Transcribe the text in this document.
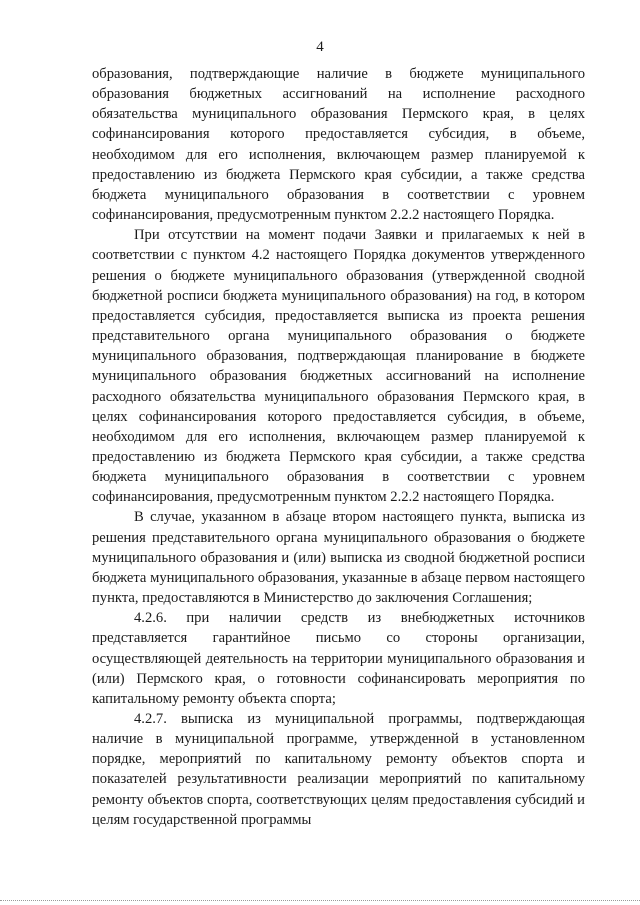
4

образования, подтверждающие наличие в бюджете муниципального образования бюджетных ассигнований на исполнение расходного обязательства муниципального образования Пермского края, в целях софинансирования которого предоставляется субсидия, в объеме, необходимом для его исполнения, включающем размер планируемой к предоставлению из бюджета Пермского края субсидии, а также средства бюджета муниципального образования в соответствии с уровнем софинансирования, предусмотренным пунктом 2.2.2 настоящего Порядка.

При отсутствии на момент подачи Заявки и прилагаемых к ней в соответствии с пунктом 4.2 настоящего Порядка документов утвержденного решения о бюджете муниципального образования (утвержденной сводной бюджетной росписи бюджета муниципального образования) на год, в котором предоставляется субсидия, предоставляется выписка из проекта решения представительного органа муниципального образования о бюджете муниципального образования, подтверждающая планирование в бюджете муниципального образования бюджетных ассигнований на исполнение расходного обязательства муниципального образования Пермского края, в целях софинансирования которого предоставляется субсидия, в объеме, необходимом для его исполнения, включающем размер планируемой к предоставлению из бюджета Пермского края субсидии, а также средства бюджета муниципального образования в соответствии с уровнем софинансирования, предусмотренным пунктом 2.2.2 настоящего Порядка.

В случае, указанном в абзаце втором настоящего пункта, выписка из решения представительного органа муниципального образования о бюджете муниципального образования и (или) выписка из сводной бюджетной росписи бюджета муниципального образования, указанные в абзаце первом настоящего пункта, предоставляются в Министерство до заключения Соглашения;

4.2.6. при наличии средств из внебюджетных источников представляется гарантийное письмо со стороны организации, осуществляющей деятельность на территории муниципального образования и (или) Пермского края, о готовности софинансировать мероприятия по капитальному ремонту объекта спорта;

4.2.7. выписка из муниципальной программы, подтверждающая наличие в муниципальной программе, утвержденной в установленном порядке, мероприятий по капитальному ремонту объектов спорта и показателей результативности реализации мероприятий по капитальному ремонту объектов спорта, соответствующих целям предоставления субсидий и целям государственной программы
